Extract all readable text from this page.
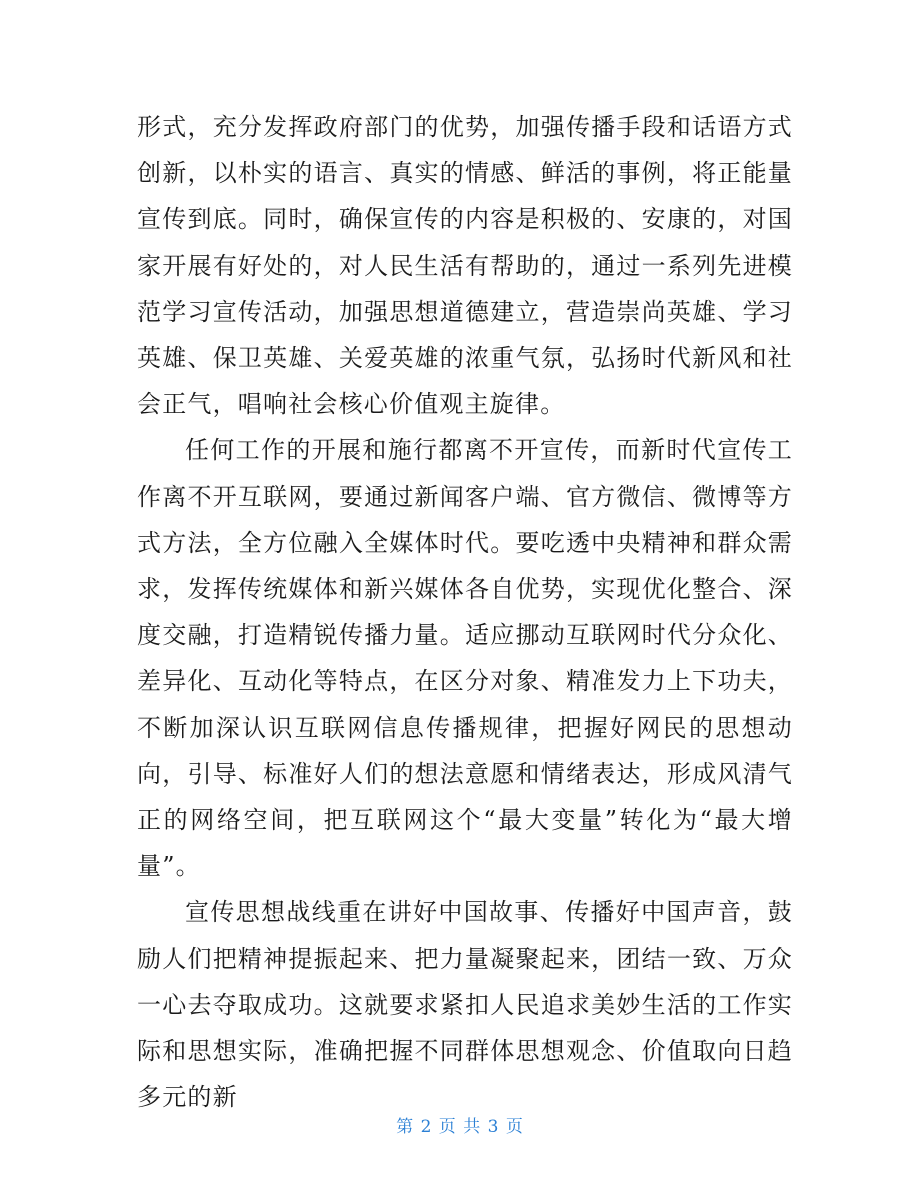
形式，充分发挥政府部门的优势，加强传播手段和话语方式创新，以朴实的语言、真实的情感、鲜活的事例，将正能量宣传到底。同时，确保宣传的内容是积极的、安康的，对国家开展有好处的，对人民生活有帮助的，通过一系列先进模范学习宣传活动，加强思想道德建立，营造崇尚英雄、学习英雄、保卫英雄、关爱英雄的浓重气氛，弘扬时代新风和社会正气，唱响社会核心价值观主旋律。

任何工作的开展和施行都离不开宣传，而新时代宣传工作离不开互联网，要通过新闻客户端、官方微信、微博等方式方法，全方位融入全媒体时代。要吃透中央精神和群众需求，发挥传统媒体和新兴媒体各自优势，实现优化整合、深度交融，打造精锐传播力量。适应挪动互联网时代分众化、差异化、互动化等特点，在区分对象、精准发力上下功夫，不断加深认识互联网信息传播规律，把握好网民的思想动向，引导、标准好人们的想法意愿和情绪表达，形成风清气正的网络空间，把互联网这个“最大变量”转化为“最大增量”。

宣传思想战线重在讲好中国故事、传播好中国声音，鼓励人们把精神提振起来、把力量凝聚起来，团结一致、万众一心去夺取成功。这就要求紧扣人民追求美妙生活的工作实际和思想实际，准确把握不同群体思想观念、价值取向日趋多元的新

第 2 页 共 3 页
